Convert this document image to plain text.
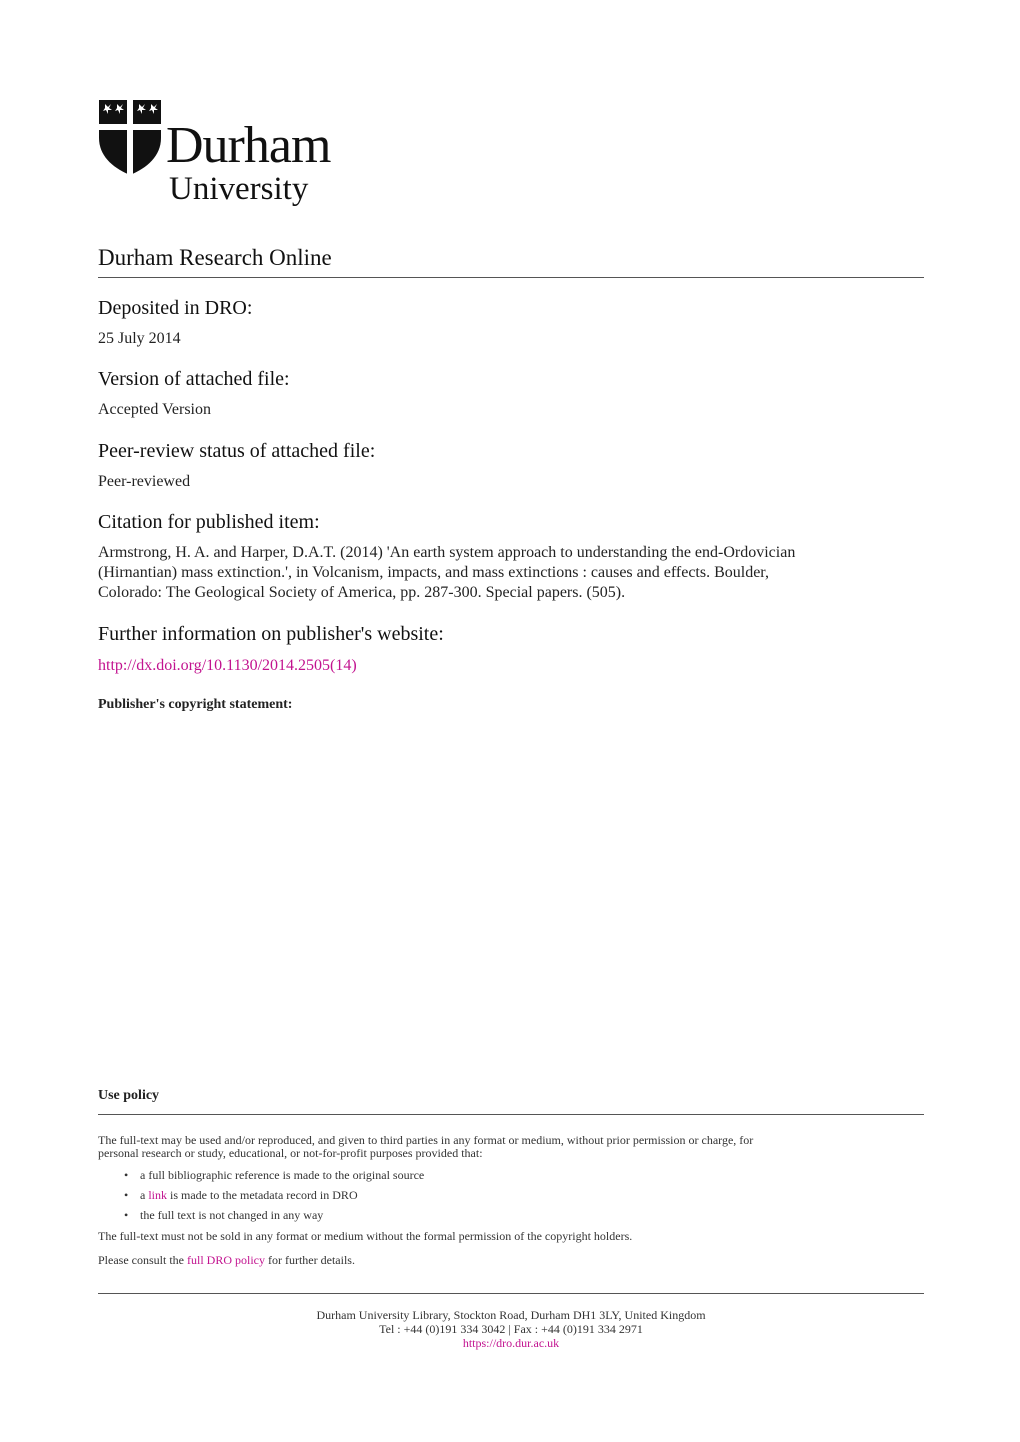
Durham
University
Durham Research Online
Deposited in DRO:
25 July 2014
Version of attached file:
Accepted Version
Peer-review status of attached file:
Peer-reviewed
Citation for published item:
Armstrong, H. A. and Harper, D.A.T. (2014) 'An earth system approach to understanding the end-Ordovician
(Hirnantian) mass extinction.', in Volcanism, impacts, and mass extinctions : causes and effects. Boulder,
Colorado: The Geological Society of America, pp. 287-300. Special papers. (505).
Further information on publisher's website:
http://dx.doi.org/10.1130/2014.2505(14)
Publisher's copyright statement:
Use policy
The full-text may be used and/or reproduced, and given to third parties in any format or medium, without prior permission or charge, for
personal research or study, educational, or not-for-profit purposes provided that:
• a full bibliographic reference is made to the original source
• a link is made to the metadata record in DRO
• the full text is not changed in any way
The full-text must not be sold in any format or medium without the formal permission of the copyright holders.
Please consult the full DRO policy for further details.
Durham University Library, Stockton Road, Durham DH1 3LY, United Kingdom
Tel : +44 (0)191 334 3042 | Fax : +44 (0)191 334 2971
https://dro.dur.ac.uk
